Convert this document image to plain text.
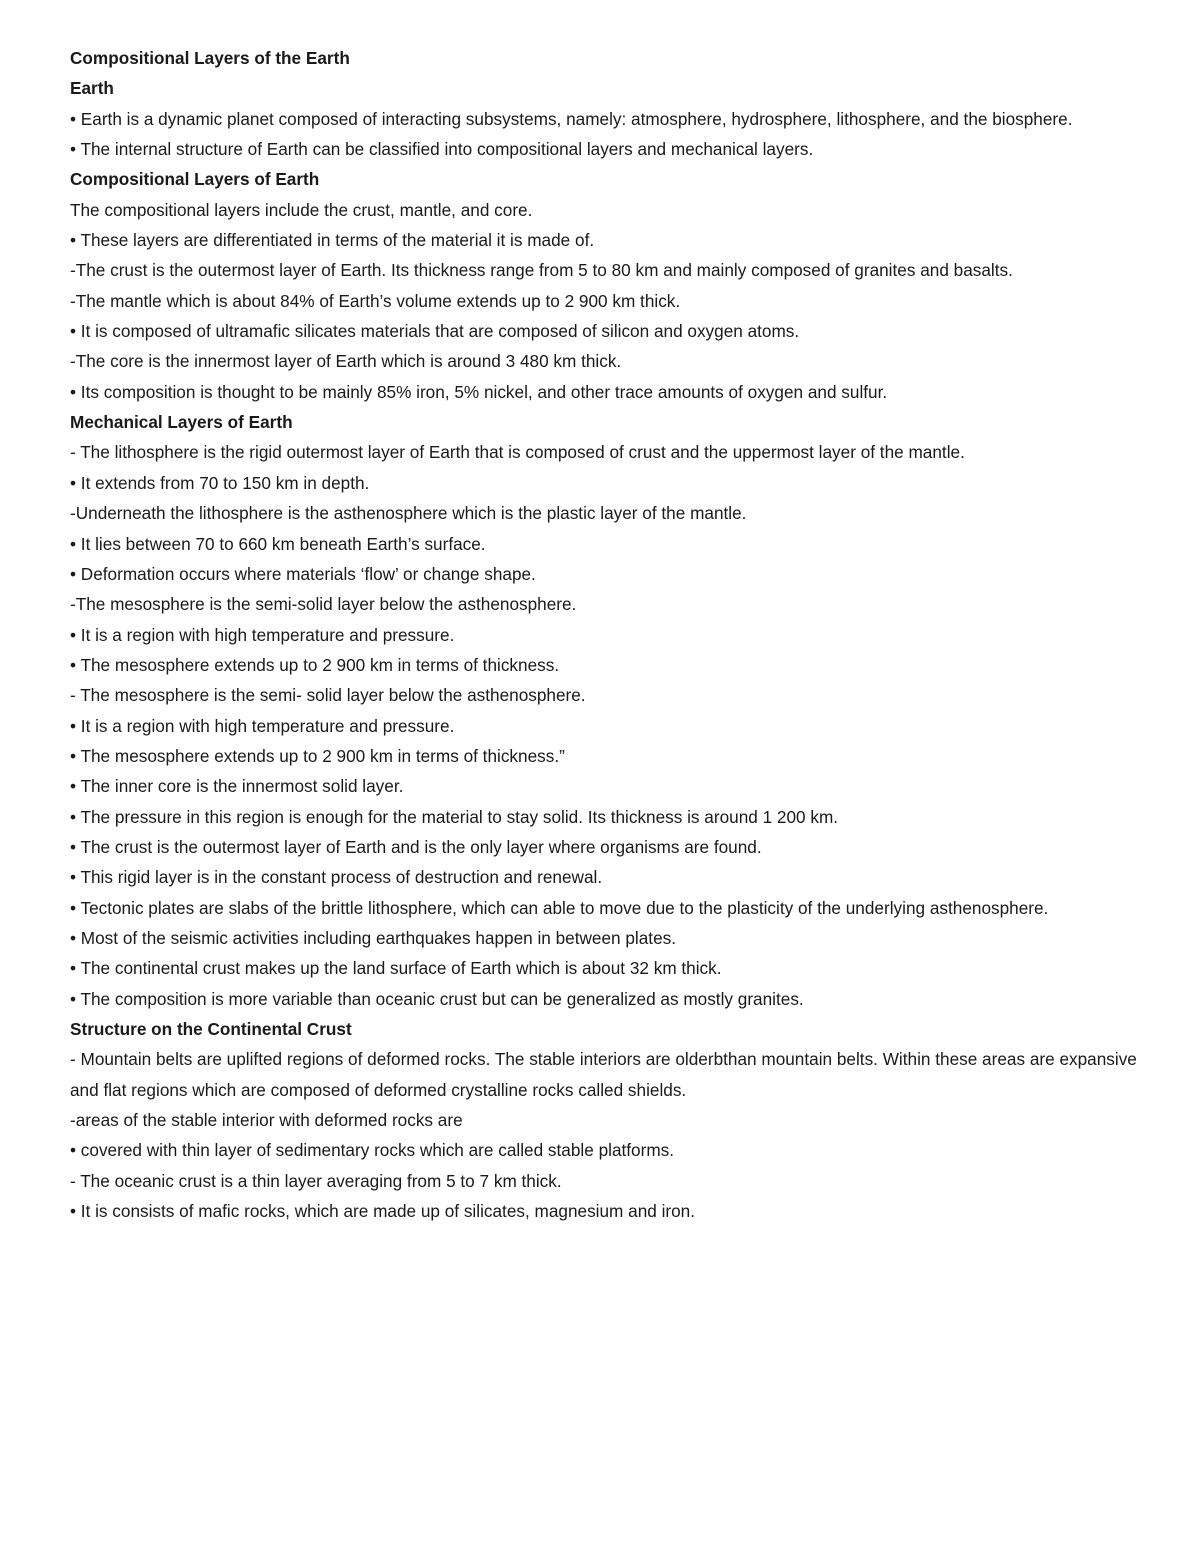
Compositional Layers of the Earth
Earth
• Earth is a dynamic planet composed of interacting subsystems, namely: atmosphere, hydrosphere, lithosphere, and the biosphere.
• The internal structure of Earth can be classified into compositional layers and mechanical layers.
Compositional Layers of Earth
The compositional layers include the crust, mantle, and core.
• These layers are differentiated in terms of the material it is made of.
-The crust is the outermost layer of Earth. Its thickness range from 5 to 80 km and mainly composed of granites and basalts.
-The mantle which is about 84% of Earth’s volume extends up to 2 900 km thick.
• It is composed of ultramafic silicates materials that are composed of silicon and oxygen atoms.
-The core is the innermost layer of Earth which is around 3 480 km thick.
• Its composition is thought to be mainly 85% iron, 5% nickel, and other trace amounts of oxygen and sulfur.
Mechanical Layers of Earth
- The lithosphere is the rigid outermost layer of Earth that is composed of crust and the uppermost layer of the mantle.
• It extends from 70 to 150 km in depth.
-Underneath the lithosphere is the asthenosphere which is the plastic layer of the mantle.
• It lies between 70 to 660 km beneath Earth’s surface.
• Deformation occurs where materials ‘flow’ or change shape.
-The mesosphere is the semi-solid layer below the asthenosphere.
• It is a region with high temperature and pressure.
• The mesosphere extends up to 2 900 km in terms of thickness.
- The mesosphere is the semi- solid layer below the asthenosphere.
• It is a region with high temperature and pressure.
• The mesosphere extends up to 2 900 km in terms of thickness.”
• The inner core is the innermost solid layer.
• The pressure in this region is enough for the material to stay solid. Its thickness is around 1 200 km.
• The crust is the outermost layer of Earth and is the only layer where organisms are found.
• This rigid layer is in the constant process of destruction and renewal.
• Tectonic plates are slabs of the brittle lithosphere, which can able to move due to the plasticity of the underlying asthenosphere.
• Most of the seismic activities including earthquakes happen in between plates.
• The continental crust makes up the land surface of Earth which is about 32 km thick.
• The composition is more variable than oceanic crust but can be generalized as mostly granites.
Structure on the Continental Crust
- Mountain belts are uplifted regions of deformed rocks. The stable interiors are olderbthan mountain belts. Within these areas are expansive and flat regions which are composed of deformed crystalline rocks called shields.
-areas of the stable interior with deformed rocks are
• covered with thin layer of sedimentary rocks which are called stable platforms.
- The oceanic crust is a thin layer averaging from 5 to 7 km thick.
• It is consists of mafic rocks, which are made up of silicates, magnesium and iron.
